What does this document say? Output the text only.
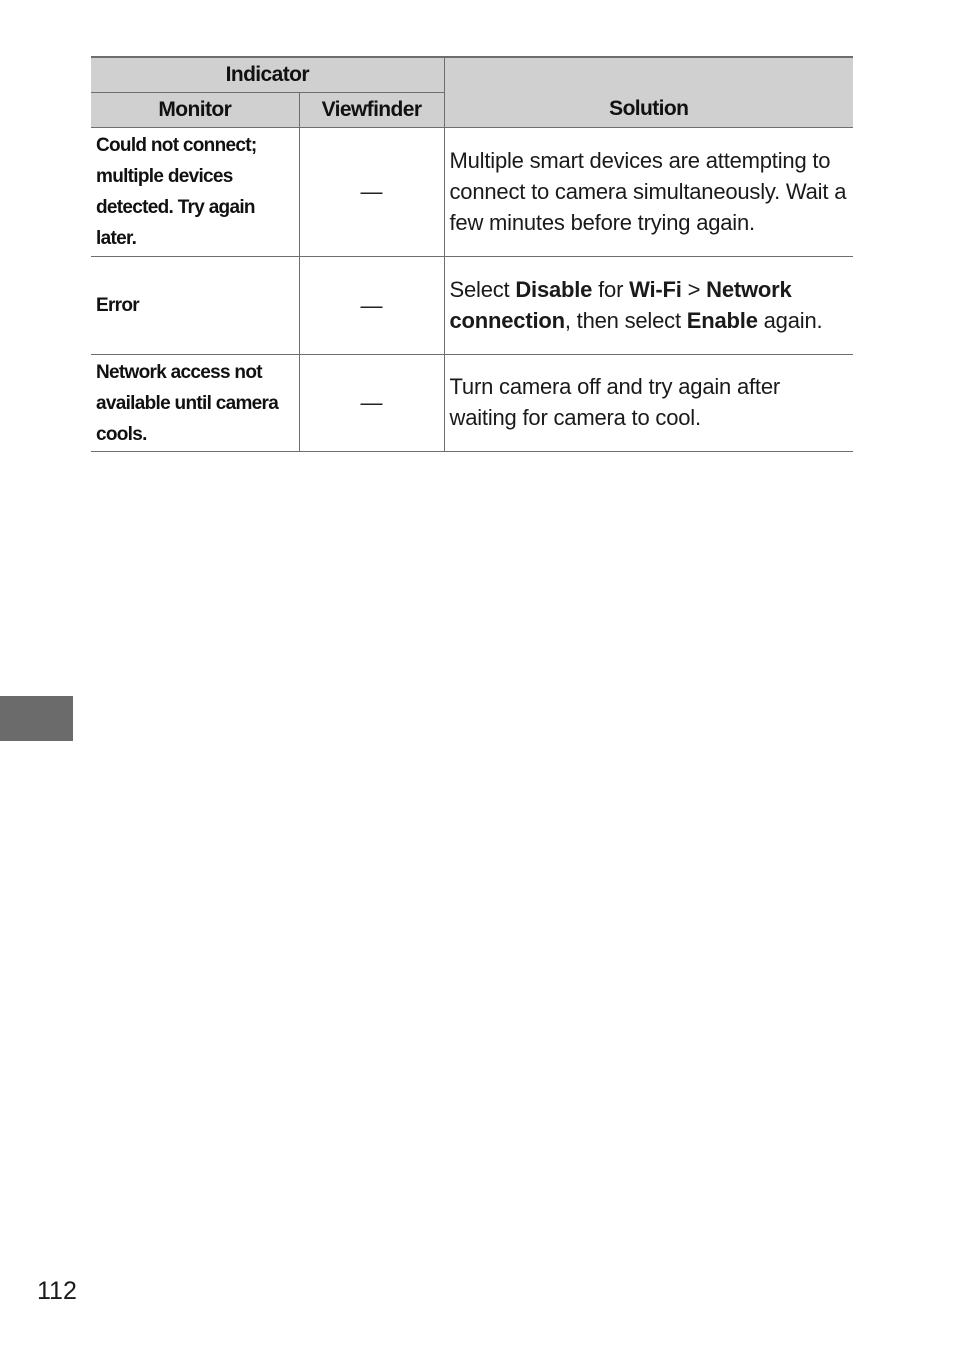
Indicator		Solution
Monitor	Viewfinder	
Could not connect; multiple devices detected. Try again later.	—	Multiple smart devices are attempting to connect to camera simultaneously. Wait a few minutes before trying again.
Error	—	Select Disable for Wi-Fi > Network connection, then select Enable again.
Network access not available until camera cools.	—	Turn camera off and try again after waiting for camera to cool.
112
